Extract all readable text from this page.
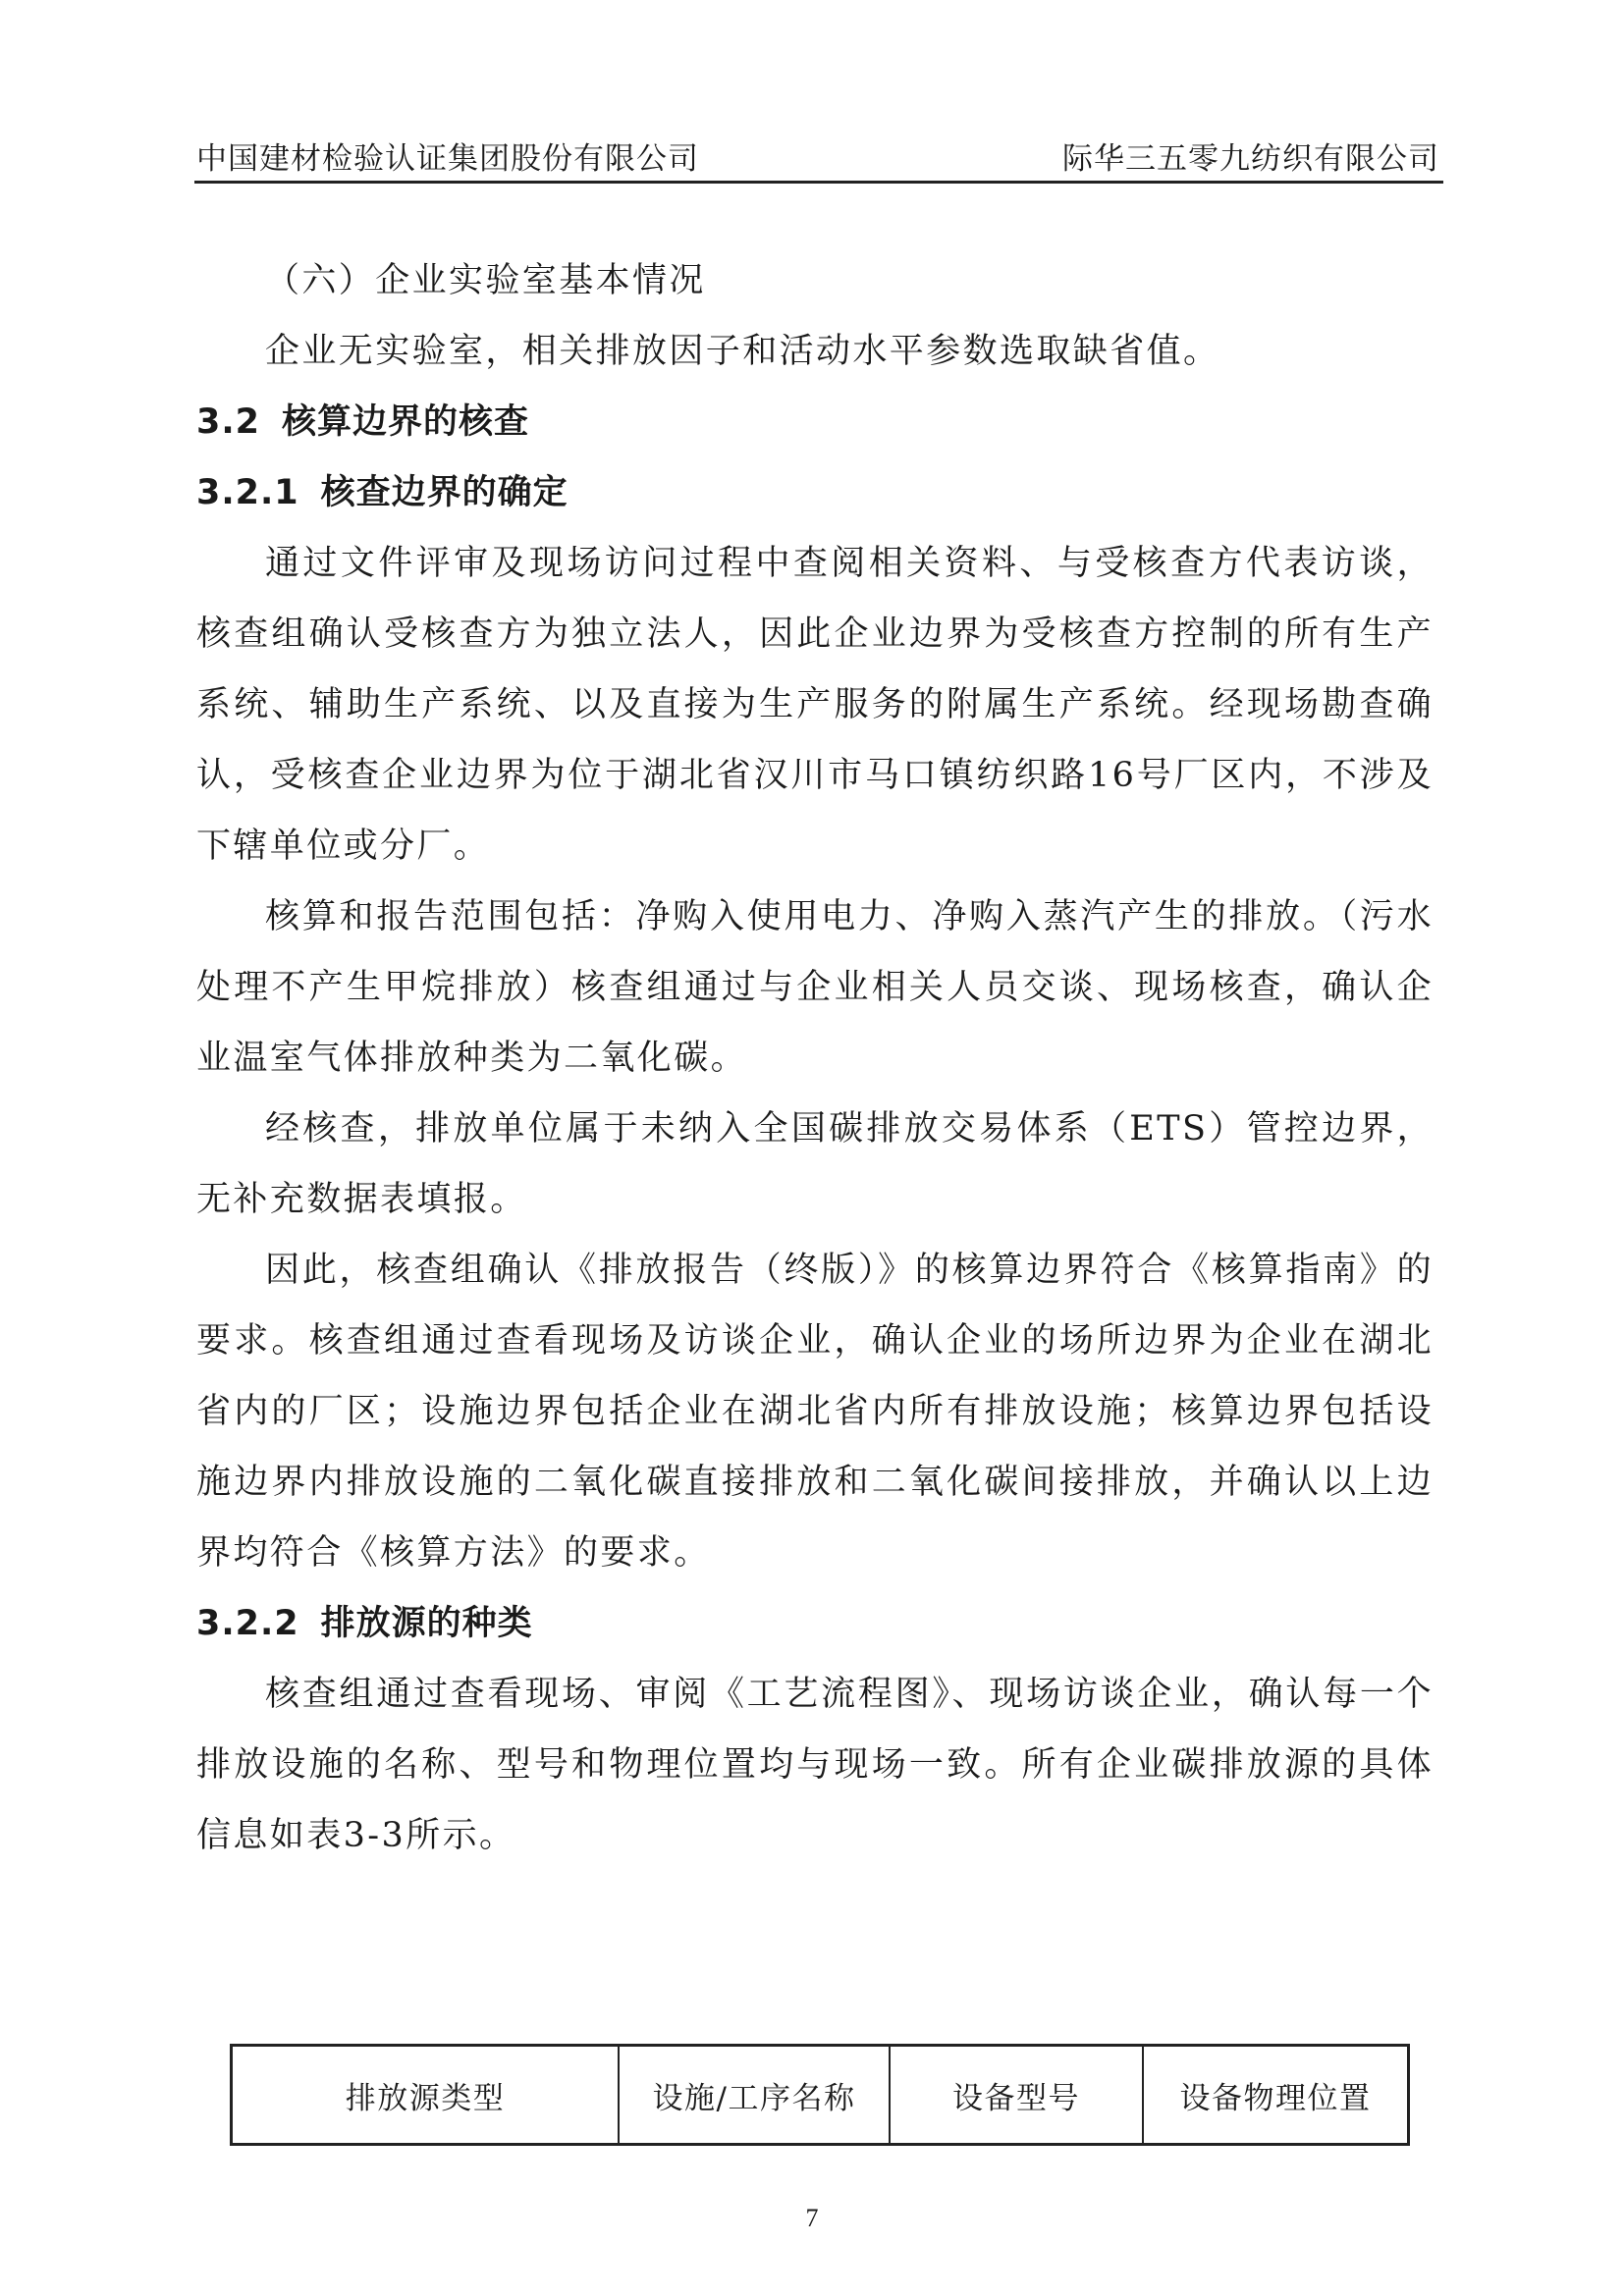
中国建材检验认证集团股份有限公司	际华三五零九纺织有限公司

（六）企业实验室基本情况

企业无实验室，相关排放因子和活动水平参数选取缺省值。

3.2 核算边界的核查
3.2.1 核查边界的确定

通过文件评审及现场访问过程中查阅相关资料、与受核查方代表访谈，核查组确认受核查方为独立法人，因此企业边界为受核查方控制的所有生产系统、辅助生产系统、以及直接为生产服务的附属生产系统。经现场勘查确认，受核查企业边界为位于湖北省汉川市马口镇纺织路16号厂区内，不涉及下辖单位或分厂。

核算和报告范围包括：净购入使用电力、净购入蒸汽产生的排放。（污水处理不产生甲烷排放）核查组通过与企业相关人员交谈、现场核查，确认企业温室气体排放种类为二氧化碳。

经核查，排放单位属于未纳入全国碳排放交易体系（ETS）管控边界，无补充数据表填报。

因此，核查组确认《排放报告（终版）》的核算边界符合《核算指南》的要求。核查组通过查看现场及访谈企业，确认企业的场所边界为企业在湖北省内的厂区；设施边界包括企业在湖北省内所有排放设施；核算边界包括设施边界内排放设施的二氧化碳直接排放和二氧化碳间接排放，并确认以上边界均符合《核算方法》的要求。

3.2.2 排放源的种类

核查组通过查看现场、审阅《工艺流程图》、现场访谈企业，确认每一个排放设施的名称、型号和物理位置均与现场一致。所有企业碳排放源的具体信息如表3-3所示。

排放源类型	设施/工序名称	设备型号	设备物理位置
7
